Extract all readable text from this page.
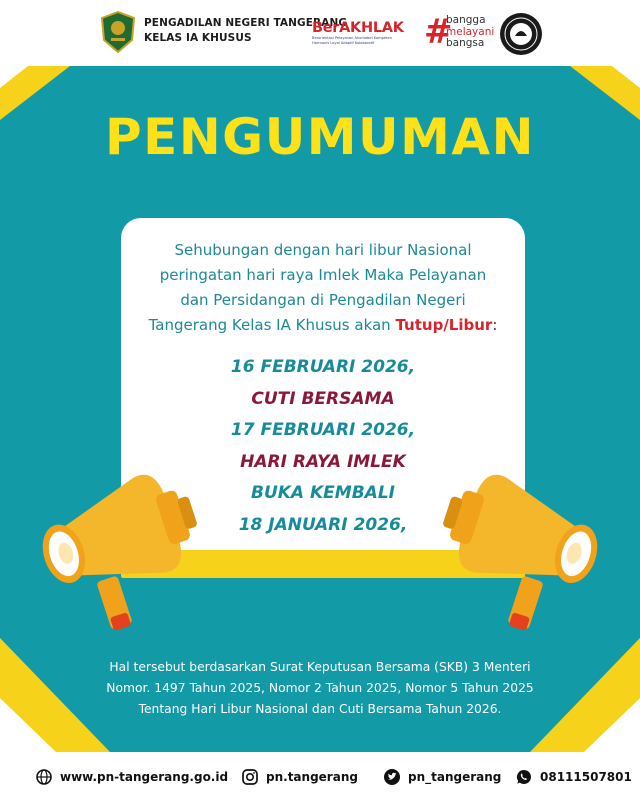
PENGADILAN NEGERI TANGERANG
KELAS IA KHUSUS
BerAKHLAK
Berorientasi Pelayanan Akuntabel Kompeten
Harmonis Loyal Adaptif Kolaboratif	#
bangga
melayani
bangsa
PENGUMUMAN
Sehubungan dengan hari libur Nasional
peringatan hari raya Imlek Maka Pelayanan
dan Persidangan di Pengadilan Negeri
Tangerang Kelas IA Khusus akan Tutup/Libur:
16 FEBRUARI 2026,
CUTI BERSAMA
17 FEBRUARI 2026,
HARI RAYA IMLEK
BUKA KEMBALI
18 JANUARI 2026,
Hal tersebut berdasarkan Surat Keputusan Bersama (SKB) 3 Menteri
Nomor. 1497 Tahun 2025, Nomor 2 Tahun 2025, Nomor 5 Tahun 2025
Tentang Hari Libur Nasional dan Cuti Bersama Tahun 2026.
www.pn-tangerang.go.id	pn.tangerang	pn_tangerang	08111507801
